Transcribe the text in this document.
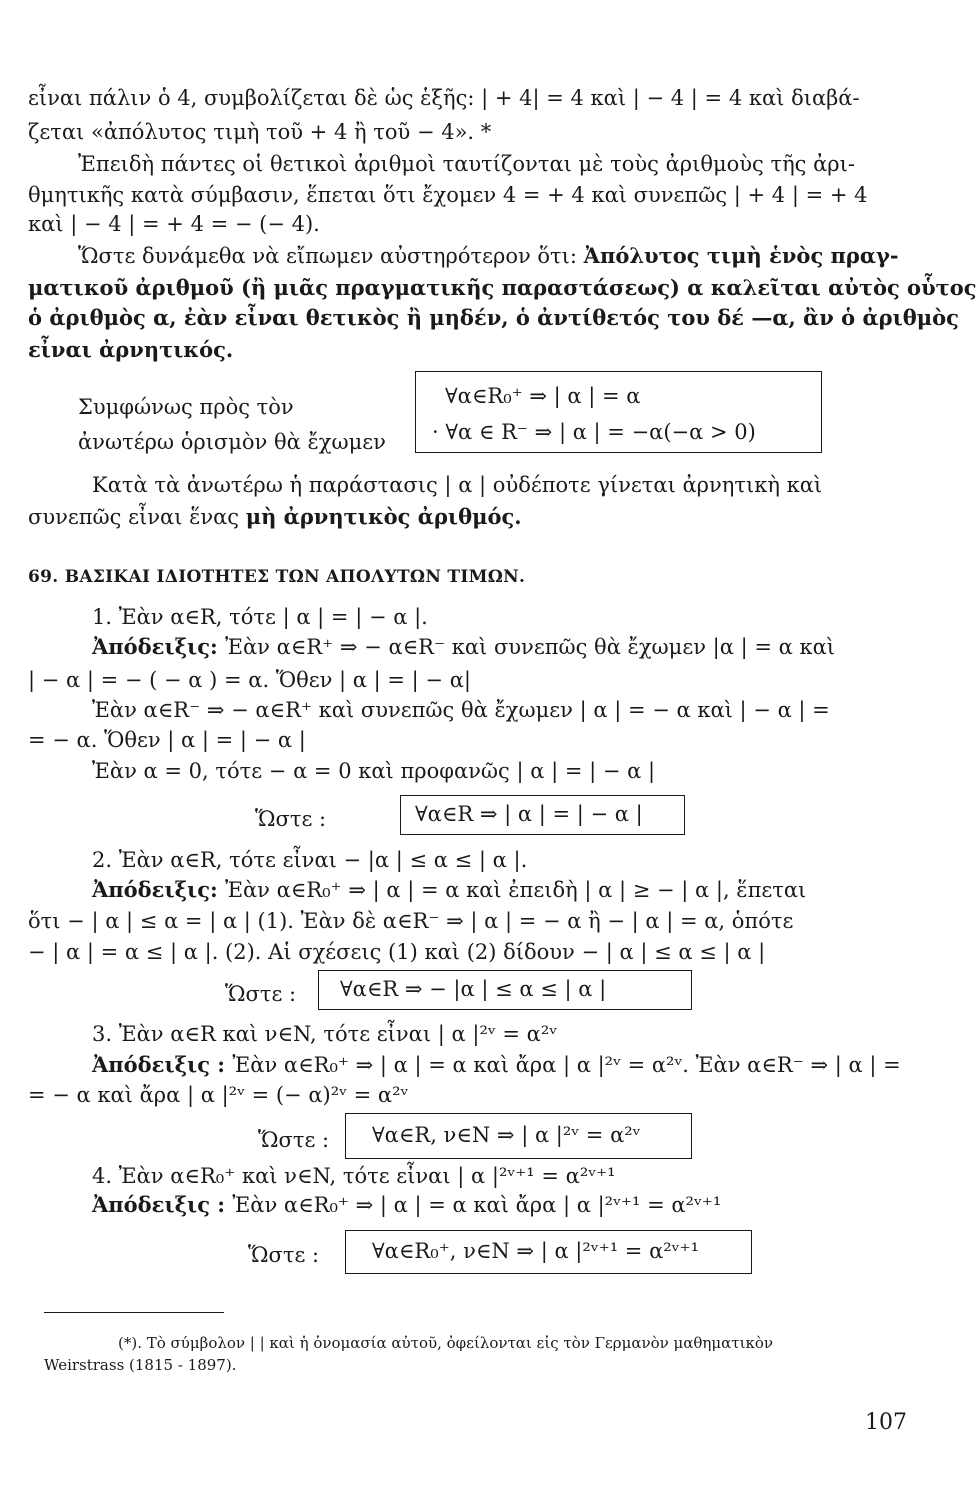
εἶναι πάλιν ὁ 4, συμβολίζεται δὲ ὡς ἑξῆς: | + 4| = 4 καὶ | − 4 | = 4 καὶ διαβά-
ζεται «ἀπόλυτος τιμὴ τοῦ + 4 ἢ τοῦ − 4». *
Ἐπειδὴ πάντες οἱ θετικοὶ ἀριθμοὶ ταυτίζονται μὲ τοὺς ἀριθμοὺς τῆς ἀρι-
θμητικῆς κατὰ σύμβασιν, ἕπεται ὅτι ἔχομεν 4 = + 4 καὶ συνεπῶς | + 4 | = + 4
καὶ | − 4 | = + 4 = − (− 4).
Ὥστε δυνάμεθα νὰ εἴπωμεν αὐστηρότερον ὅτι: Ἀπόλυτος τιμὴ ἑνὸς πραγ-
ματικοῦ ἀριθμοῦ (ἢ μιᾶς πραγματικῆς παραστάσεως) α καλεῖται αὐτὸς οὗτος
ὁ ἀριθμὸς α, ἐὰν εἶναι θετικὸς ἢ μηδέν, ὁ ἀντίθετός του δέ —α, ἂν ὁ ἀριθμὸς
εἶναι ἀρνητικός.
Συμφώνως πρὸς τὸν
ἀνωτέρω ὁρισμὸν θὰ ἔχωμεν
∀α∈R₀⁺ ⇒ | α | = α
· ∀α ∈ R⁻ ⇒ | α | = −α(−α > 0)
Κατὰ τὰ ἀνωτέρω ἡ παράστασις | α | οὐδέποτε γίνεται ἀρνητικὴ καὶ
συνεπῶς εἶναι ἕνας μὴ ἀρνητικὸς ἀριθμός.
69. ΒΑΣΙΚΑΙ ΙΔΙΟΤΗΤΕΣ ΤΩΝ ΑΠΟΛΥΤΩΝ ΤΙΜΩΝ.
1. Ἐὰν α∈R, τότε | α | = | − α |.
Ἀπόδειξις: Ἐὰν α∈R⁺ ⇒ − α∈R⁻ καὶ συνεπῶς θὰ ἔχωμεν |α | = α καὶ
| − α | = − ( − α ) = α. Ὅθεν | α | = | − α|
Ἐὰν α∈R⁻ ⇒ − α∈R⁺ καὶ συνεπῶς θὰ ἔχωμεν | α | = − α καὶ | − α | =
= − α. Ὅθεν | α | = | − α |
Ἐὰν α = 0, τότε − α = 0 καὶ προφανῶς | α | = | − α |
Ὥστε :	∀α∈R ⇒ | α | = | − α |
2. Ἐὰν α∈R, τότε εἶναι − |α | ≤ α ≤ | α |.
Ἀπόδειξις: Ἐὰν α∈R₀⁺ ⇒ | α | = α καὶ ἐπειδὴ | α | ≥ − | α |, ἕπεται
ὅτι − | α | ≤ α = | α | (1). Ἐὰν δὲ α∈R⁻ ⇒ | α | = − α ἢ − | α | = α, ὁπότε
− | α | = α ≤ | α |. (2). Αἱ σχέσεις (1) καὶ (2) δίδουν − | α | ≤ α ≤ | α |
Ὥστε : ∀α∈R ⇒ − |α | ≤ α ≤ | α |
3. Ἐὰν α∈R καὶ ν∈N, τότε εἶναι | α |²ᵛ = α²ᵛ
Ἀπόδειξις : Ἐὰν α∈R₀⁺ ⇒ | α | = α καὶ ἄρα | α |²ᵛ = α²ᵛ. Ἐὰν α∈R⁻ ⇒ | α | =
= − α καὶ ἄρα | α |²ᵛ = (− α)²ᵛ = α²ᵛ
Ὥστε : ∀α∈R, ν∈N ⇒ | α |²ᵛ = α²ᵛ
4. Ἐὰν α∈R₀⁺ καὶ ν∈N, τότε εἶναι | α |²ᵛ⁺¹ = α²ᵛ⁺¹
Ἀπόδειξις : Ἐὰν α∈R₀⁺ ⇒ | α | = α καὶ ἄρα | α |²ᵛ⁺¹ = α²ᵛ⁺¹
Ὥστε :	∀α∈R₀⁺, ν∈N ⇒ | α |²ᵛ⁺¹ = α²ᵛ⁺¹
(*). Τὸ σύμβολον | | καὶ ἡ ὀνομασία αὐτοῦ, ὀφείλονται εἰς τὸν Γερμανὸν μαθηματικὸν
Weirstrass (1815 - 1897).
107
